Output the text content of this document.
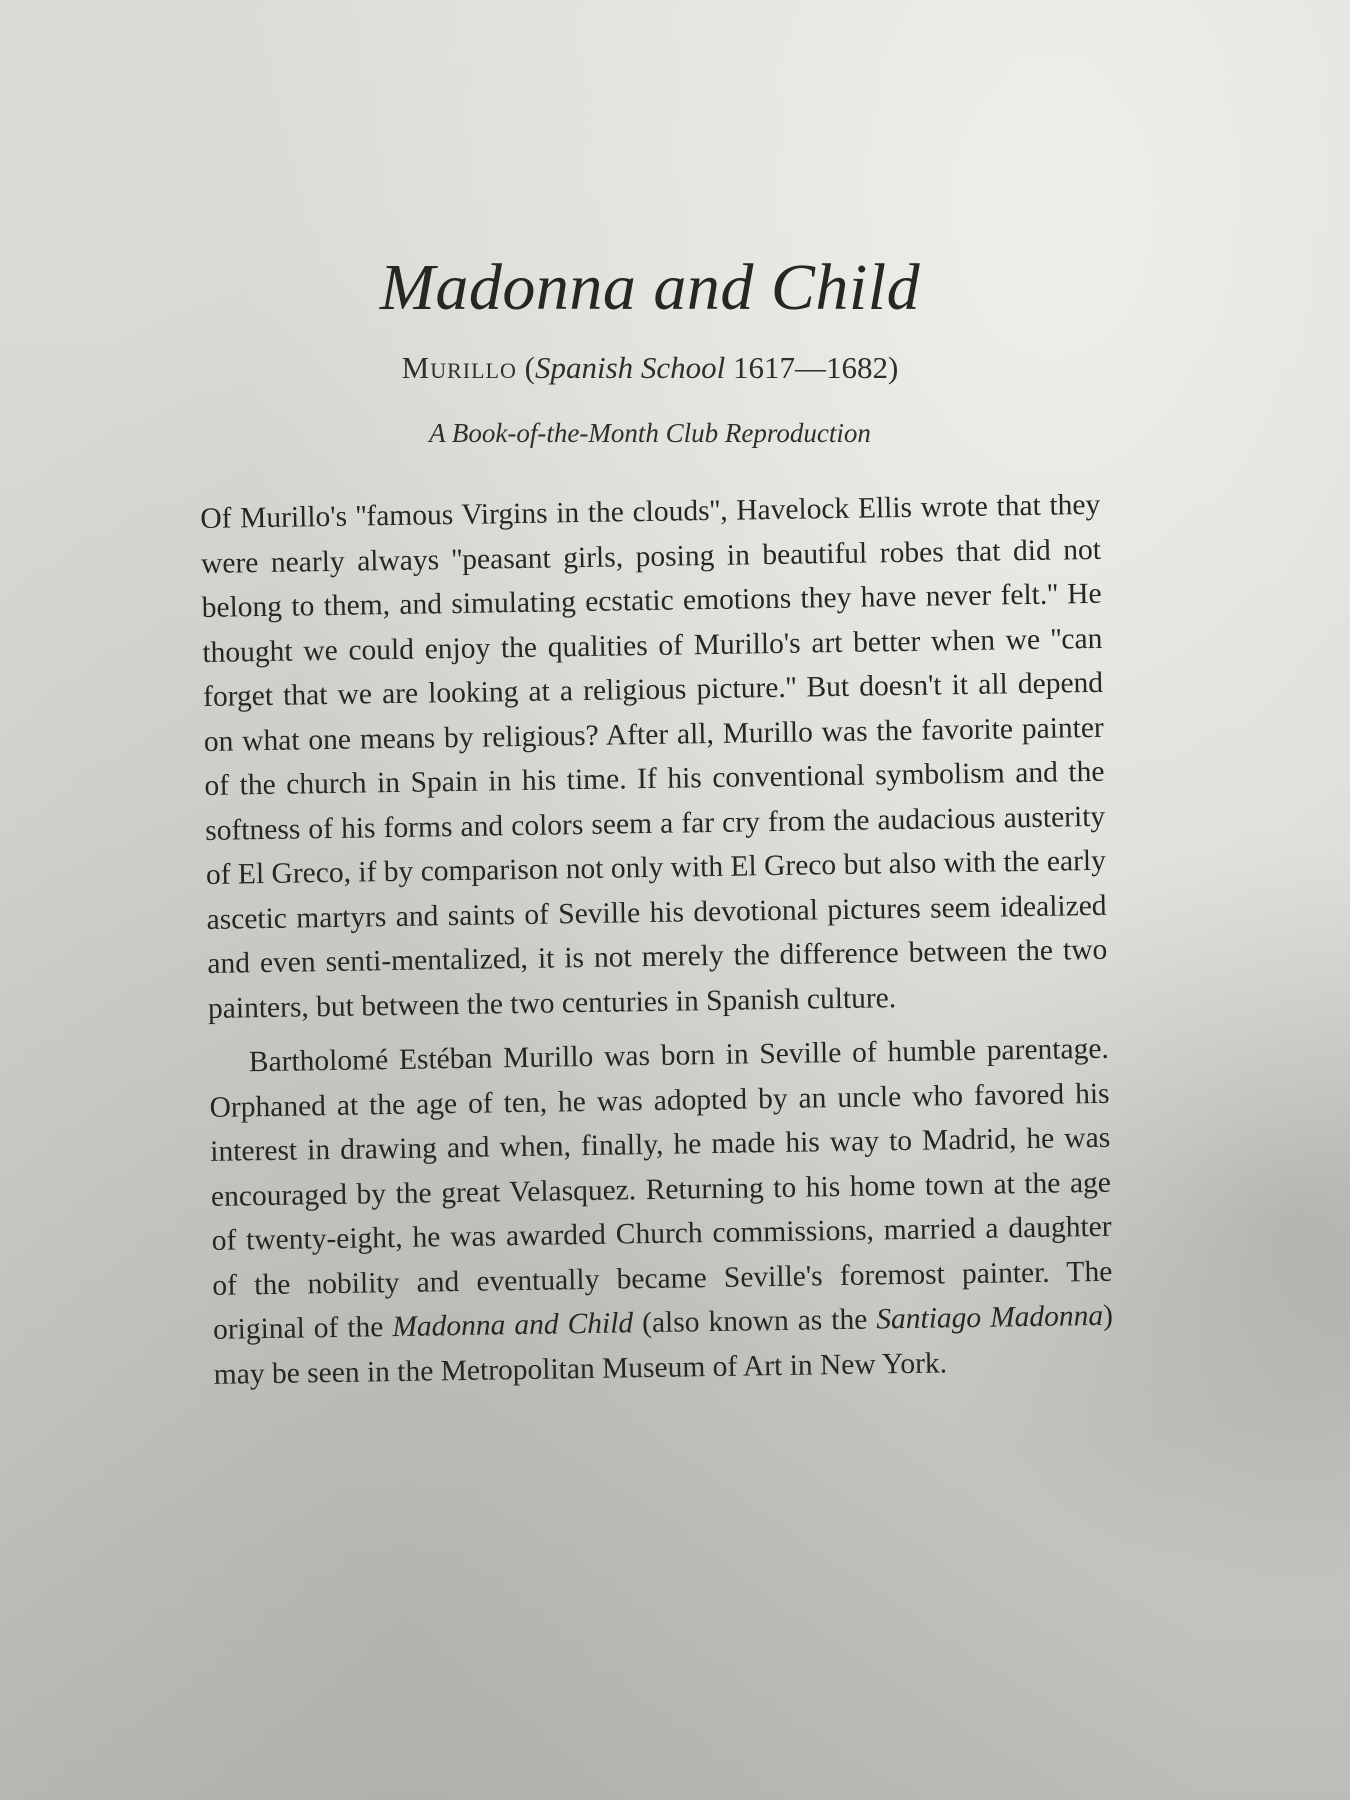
Madonna and Child

Murillo (Spanish School 1617—1682)

A Book-of-the-Month Club Reproduction

Of Murillo's ''famous Virgins in the clouds'', Havelock Ellis wrote that they were nearly always ''peasant girls, posing in beautiful robes that did not belong to them, and simulating ecstatic emotions they have never felt.'' He thought we could enjoy the qualities of Murillo's art better when we ''can forget that we are looking at a religious picture.'' But doesn't it all depend on what one means by religious? After all, Murillo was the favorite painter of the church in Spain in his time. If his conventional symbolism and the softness of his forms and colors seem a far cry from the audacious austerity of El Greco, if by comparison not only with El Greco but also with the early ascetic martyrs and saints of Seville his devotional pictures seem idealized and even senti-mentalized, it is not merely the difference between the two painters, but between the two centuries in Spanish culture.

Bartholomé Estéban Murillo was born in Seville of humble parentage. Orphaned at the age of ten, he was adopted by an uncle who favored his interest in drawing and when, finally, he made his way to Madrid, he was encouraged by the great Velasquez. Returning to his home town at the age of twenty-eight, he was awarded Church commissions, married a daughter of the nobility and eventually became Seville's foremost painter. The original of the Madonna and Child (also known as the Santiago Madonna) may be seen in the Metropolitan Museum of Art in New York.
